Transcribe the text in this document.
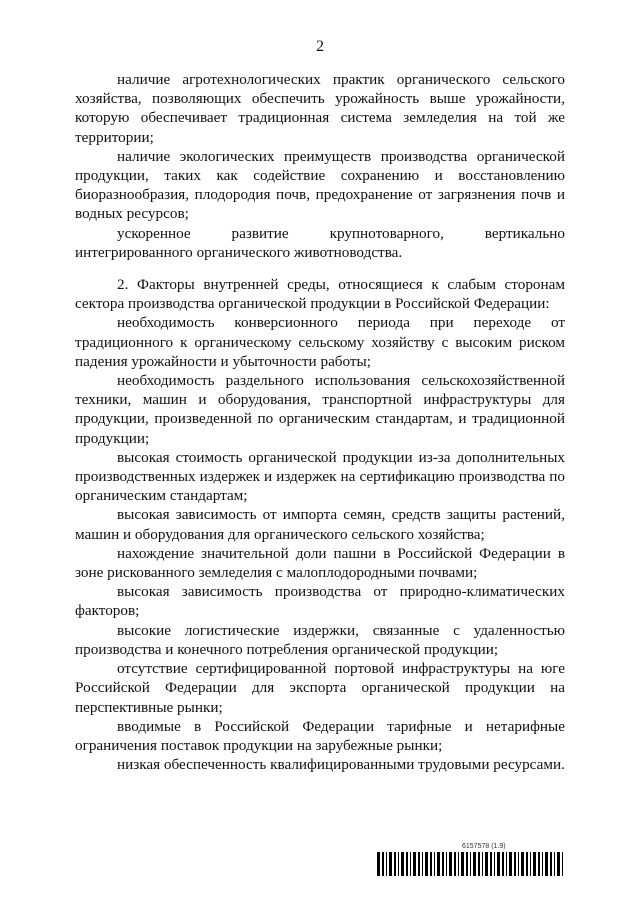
2

наличие агротехнологических практик органического сельского хозяйства, позволяющих обеспечить урожайность выше урожайности, которую обеспечивает традиционная система земледелия на той же территории;

наличие экологических преимуществ производства органической продукции, таких как содействие сохранению и восстановлению биоразнообразия, плодородия почв, предохранение от загрязнения почв и водных ресурсов;

ускоренное развитие крупнотоварного, вертикально интегрированного органического животноводства.

2. Факторы внутренней среды, относящиеся к слабым сторонам сектора производства органической продукции в Российской Федерации:

необходимость конверсионного периода при переходе от традиционного к органическому сельскому хозяйству с высоким риском падения урожайности и убыточности работы;

необходимость раздельного использования сельскохозяйственной техники, машин и оборудования, транспортной инфраструктуры для продукции, произведенной по органическим стандартам, и традиционной продукции;

высокая стоимость органической продукции из-за дополнительных производственных издержек и издержек на сертификацию производства по органическим стандартам;

высокая зависимость от импорта семян, средств защиты растений, машин и оборудования для органического сельского хозяйства;

нахождение значительной доли пашни в Российской Федерации в зоне рискованного земледелия с малоплодородными почвами;

высокая зависимость производства от природно-климатических факторов;

высокие логистические издержки, связанные с удаленностью производства и конечного потребления органической продукции;

отсутствие сертифицированной портовой инфраструктуры на юге Российской Федерации для экспорта органической продукции на перспективные рынки;

вводимые в Российской Федерации тарифные и нетарифные ограничения поставок продукции на зарубежные рынки;

низкая обеспеченность квалифицированными трудовыми ресурсами.

6157578 (1.9)
